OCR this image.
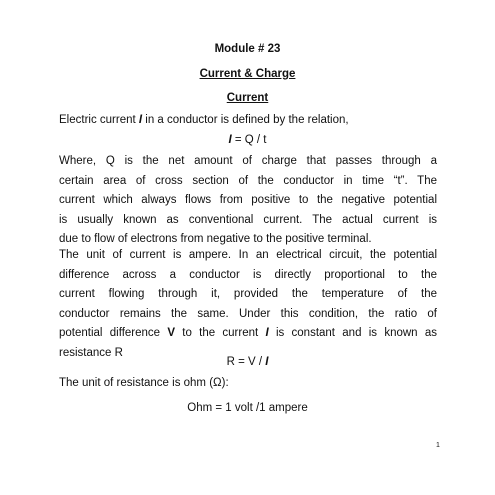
Module # 23
Current & Charge
Current
Electric current I in a conductor is defined by the relation,
I = Q / t
Where, Q is the net amount of charge that passes through a
certain area of cross section of the conductor in time “t”. The
current which always flows from positive to the negative potential
is usually known as conventional current. The actual current is
due to flow of electrons from negative to the positive terminal.
The unit of current is ampere. In an electrical circuit, the potential
difference across a conductor is directly proportional to the
current flowing through it, provided the temperature of the
conductor remains the same. Under this condition, the ratio of
potential difference V to the current I is constant and is known as
resistance R
R = V / I
The unit of resistance is ohm (Ω):
Ohm = 1 volt /1 ampere
1
